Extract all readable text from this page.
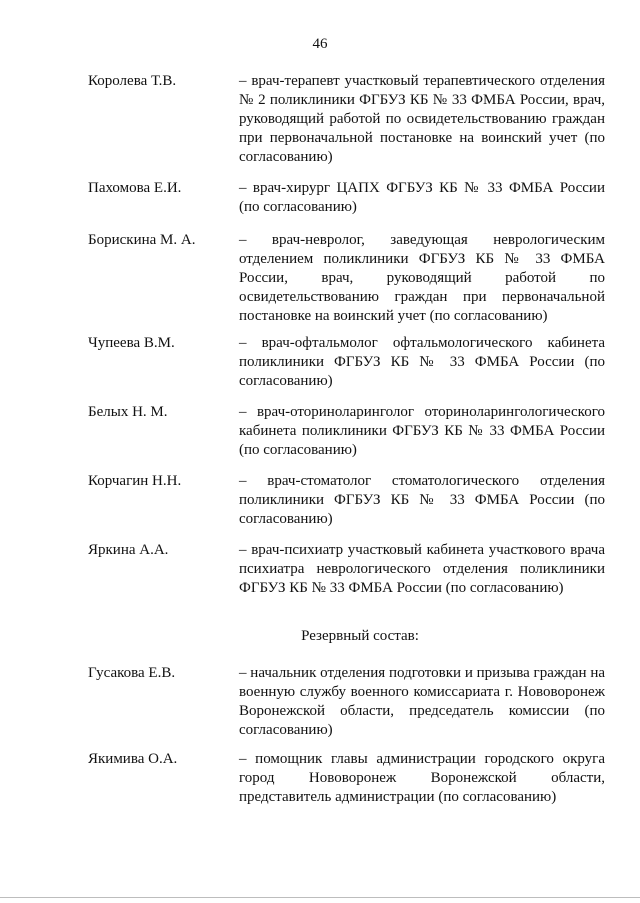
46
Королева Т.В.	– врач-терапевт участковый терапевтического отделения № 2 поликлиники ФГБУЗ КБ № 33 ФМБА России, врач, руководящий работой по освидетельствованию граждан при первоначальной постановке на воинский учет (по согласованию)
Пахомова Е.И.	– врач-хирург ЦАПХ ФГБУЗ КБ № 33 ФМБА России (по согласованию)
Борискина М. А.	– врач-невролог, заведующая неврологическим отделением поликлиники ФГБУЗ КБ № 33 ФМБА России, врач, руководящий работой по освидетельствованию граждан при первоначальной постановке на воинский учет (по согласованию)
Чупеева В.М.	– врач-офтальмолог офтальмологического кабинета поликлиники ФГБУЗ КБ № 33 ФМБА России (по согласованию)
Белых Н. М.	– врач-оториноларинголог оториноларингологического кабинета поликлиники ФГБУЗ КБ № 33 ФМБА России (по согласованию)
Корчагин Н.Н.	– врач-стоматолог стоматологического отделения поликлиники ФГБУЗ КБ № 33 ФМБА России (по согласованию)
Яркина А.А.	– врач-психиатр участковый кабинета участкового врача психиатра неврологического отделения поликлиники ФГБУЗ КБ № 33 ФМБА России (по согласованию)
Резервный состав:
Гусакова Е.В.	– начальник отделения подготовки и призыва граждан на военную службу военного комиссариата г. Нововоронеж Воронежской области, председатель комиссии (по согласованию)
Якимива О.А.	– помощник главы администрации городского округа город Нововоронеж Воронежской области, представитель администрации (по согласованию)
